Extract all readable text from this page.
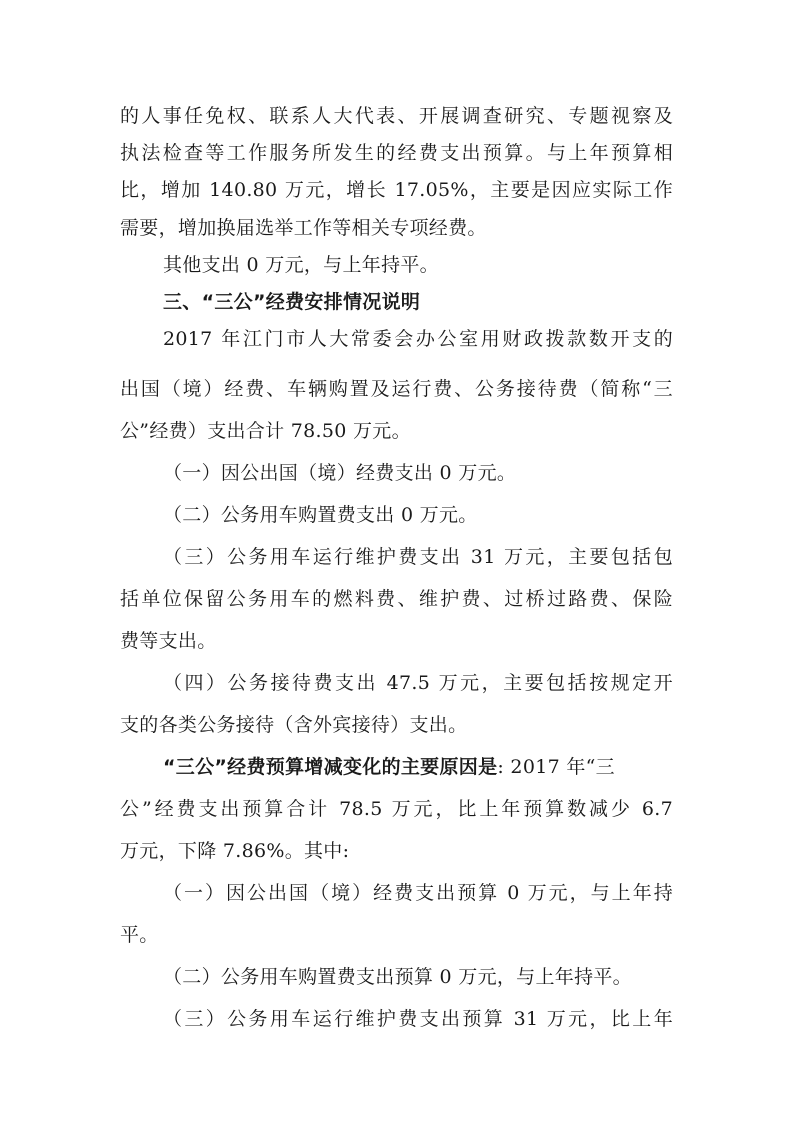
的人事任免权、联系人大代表、开展调查研究、专题视察及
执法检查等工作服务所发生的经费支出预算。与上年预算相
比，增加 140.80 万元，增长 17.05%，主要是因应实际工作
需要，增加换届选举工作等相关专项经费。
其他支出 0 万元，与上年持平。
三、“三公”经费安排情况说明
2017 年江门市人大常委会办公室用财政拨款数开支的
出国（境）经费、车辆购置及运行费、公务接待费（简称“三
公”经费）支出合计 78.50 万元。
（一）因公出国（境）经费支出 0 万元。
（二）公务用车购置费支出 0 万元。
（三）公务用车运行维护费支出 31 万元，主要包括包
括单位保留公务用车的燃料费、维护费、过桥过路费、保险
费等支出。
（四）公务接待费支出 47.5 万元，主要包括按规定开
支的各类公务接待（含外宾接待）支出。
“三公”经费预算增减变化的主要原因是: 2017 年“三
公”经费支出预算合计 78.5 万元，比上年预算数减少 6.7
万元，下降 7.86%。其中:
（一）因公出国（境）经费支出预算 0 万元，与上年持
平。
（二）公务用车购置费支出预算 0 万元，与上年持平。
（三）公务用车运行维护费支出预算 31 万元，比上年
